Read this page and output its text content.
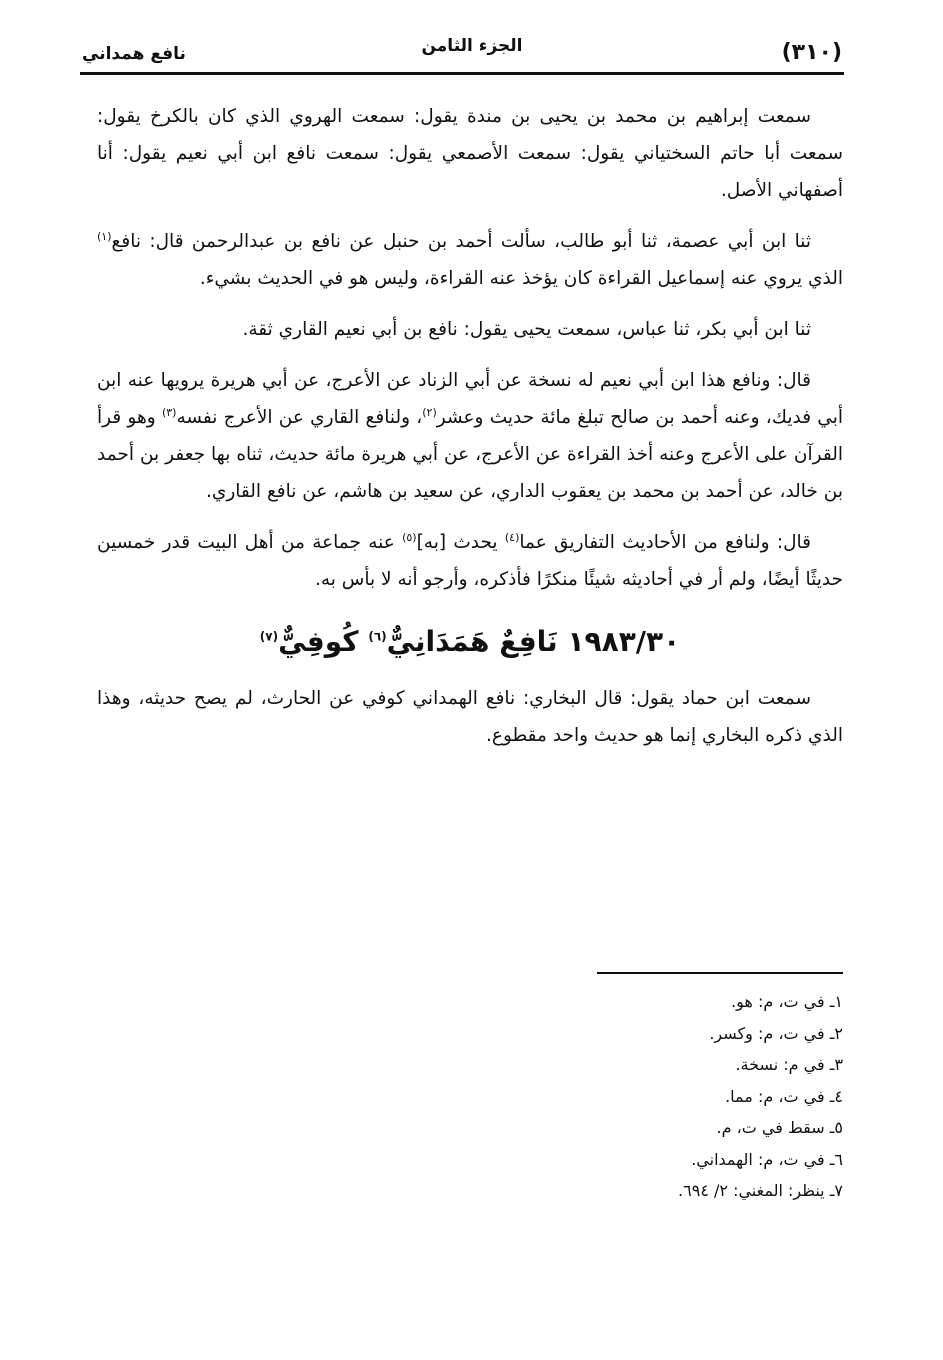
(٣١٠)
الجزء الثامن
نافع همداني

سمعت إبراهيم بن محمد بن يحيى بن مندة يقول: سمعت الهروي الذي كان بالكرخ يقول: سمعت أبا حاتم السختياني يقول: سمعت الأصمعي يقول: سمعت نافع ابن أبي نعيم يقول: أنا أصفهاني الأصل.

ثنا ابن أبي عصمة، ثنا أبو طالب، سألت أحمد بن حنبل عن نافع بن عبدالرحمن قال: نافع$^{(١)}$ الذي يروي عنه إسماعيل القراءة كان يؤخذ عنه القراءة، وليس هو في الحديث بشيء.

ثنا ابن أبي بكر، ثنا عباس، سمعت يحيى يقول: نافع بن أبي نعيم القاري ثقة.

قال: ونافع هذا ابن أبي نعيم له نسخة عن أبي الزناد عن الأعرج، عن أبي هريرة يرويها عنه ابن أبي فديك، وعنه أحمد بن صالح تبلغ مائة حديث وعشر$^{(٢)}$، ولنافع القاري عن الأعرج نفسه$^{(٣)}$ وهو قرأ القرآن على الأعرج وعنه أخذ القراءة عن الأعرج، عن أبي هريرة مائة حديث، ثناه بها جعفر بن أحمد بن خالد، عن أحمد بن محمد بن يعقوب الداري، عن سعيد بن هاشم، عن نافع القاري.

قال: ولنافع من الأحاديث التفاريق عما$^{(٤)}$ يحدث [به]$^{(٥)}$ عنه جماعة من أهل البيت قدر خمسين حديثًا أيضًا، ولم أر في أحاديثه شيئًا منكرًا فأذكره، وأرجو أنه لا بأس به.

١٩٨٣/٣٠ نَافِعٌ هَمَدَانِيٌّ$^{(٦)}$ كُوفِيٌّ$^{(٧)}$

سمعت ابن حماد يقول: قال البخاري: نافع الهمداني كوفي عن الحارث، لم يصح حديثه، وهذا الذي ذكره البخاري إنما هو حديث واحد مقطوع.

١ـ في ت، م: هو.
٢ـ في ت، م: وكسر.
٣ـ في م: نسخة.
٤ـ في ت، م: مما.
٥ـ سقط في ت، م.
٦ـ في ت، م: الهمداني.
٧ـ ينظر: المغني: ٢/ ٦٩٤.
